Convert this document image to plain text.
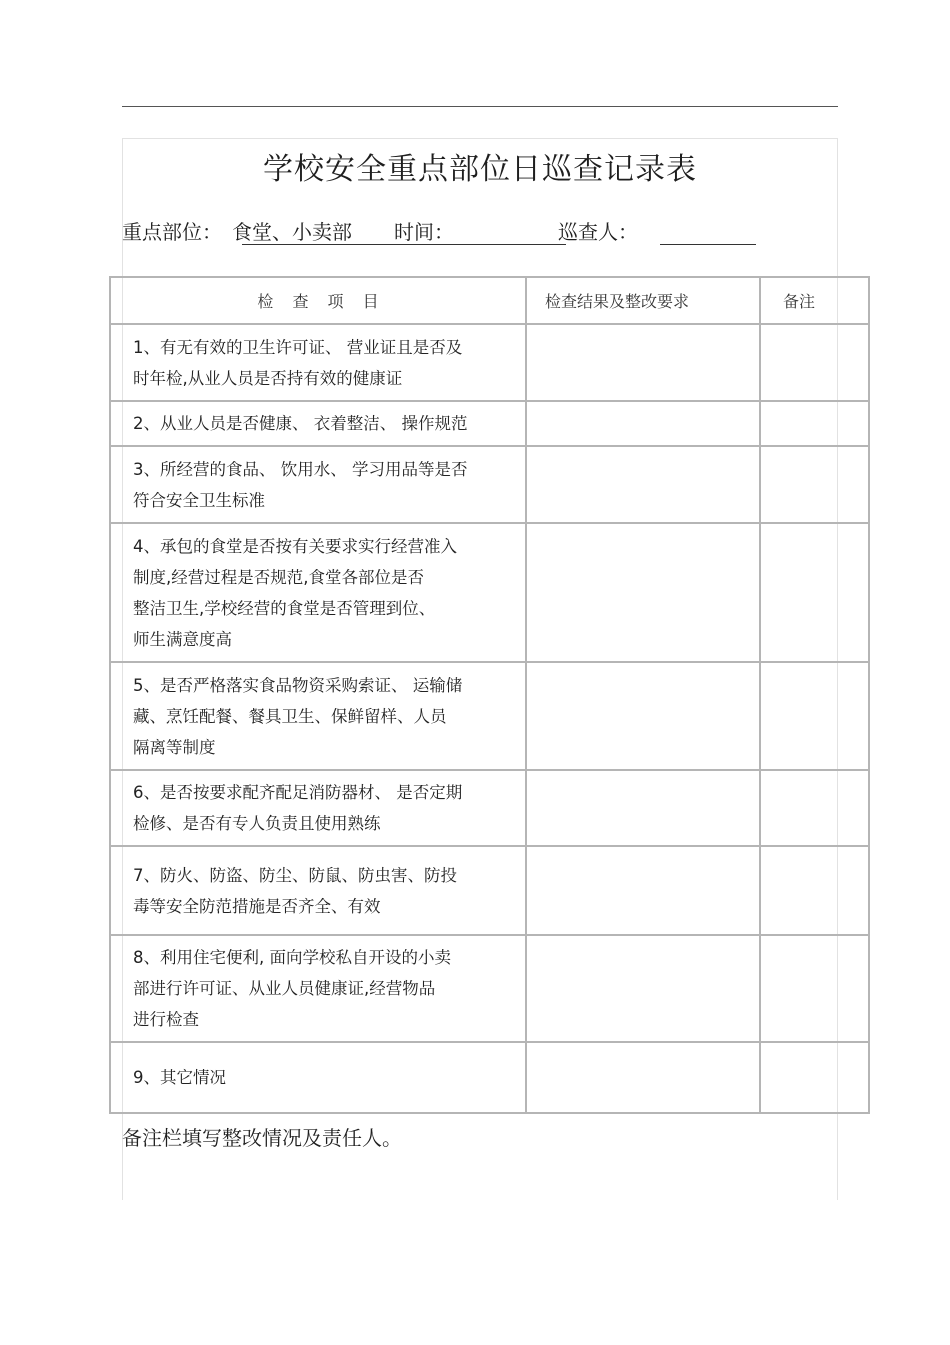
学校安全重点部位日巡查记录表
重点部位： 食堂、小卖部 时间：	巡查人：
检 查 项 目	检查结果及整改要求	备注
1、有无有效的卫生许可证、 营业证且是否及
时年检,从业人员是否持有效的健康证		
2、从业人员是否健康、 衣着整洁、 操作规范		
3、所经营的食品、 饮用水、 学习用品等是否
符合安全卫生标准		
4、承包的食堂是否按有关要求实行经营准入
制度,经营过程是否规范,食堂各部位是否
整洁卫生,学校经营的食堂是否管理到位、
师生满意度高		
5、是否严格落实食品物资采购索证、 运输储
藏、烹饪配餐、餐具卫生、保鲜留样、人员
隔离等制度		
6、是否按要求配齐配足消防器材、 是否定期
检修、是否有专人负责且使用熟练		
7、防火、防盗、防尘、防鼠、防虫害、防投
毒等安全防范措施是否齐全、有效		
8、利用住宅便利, 面向学校私自开设的小卖
部进行许可证、从业人员健康证,经营物品
进行检查		
9、其它情况		

备注栏填写整改情况及责任人。
